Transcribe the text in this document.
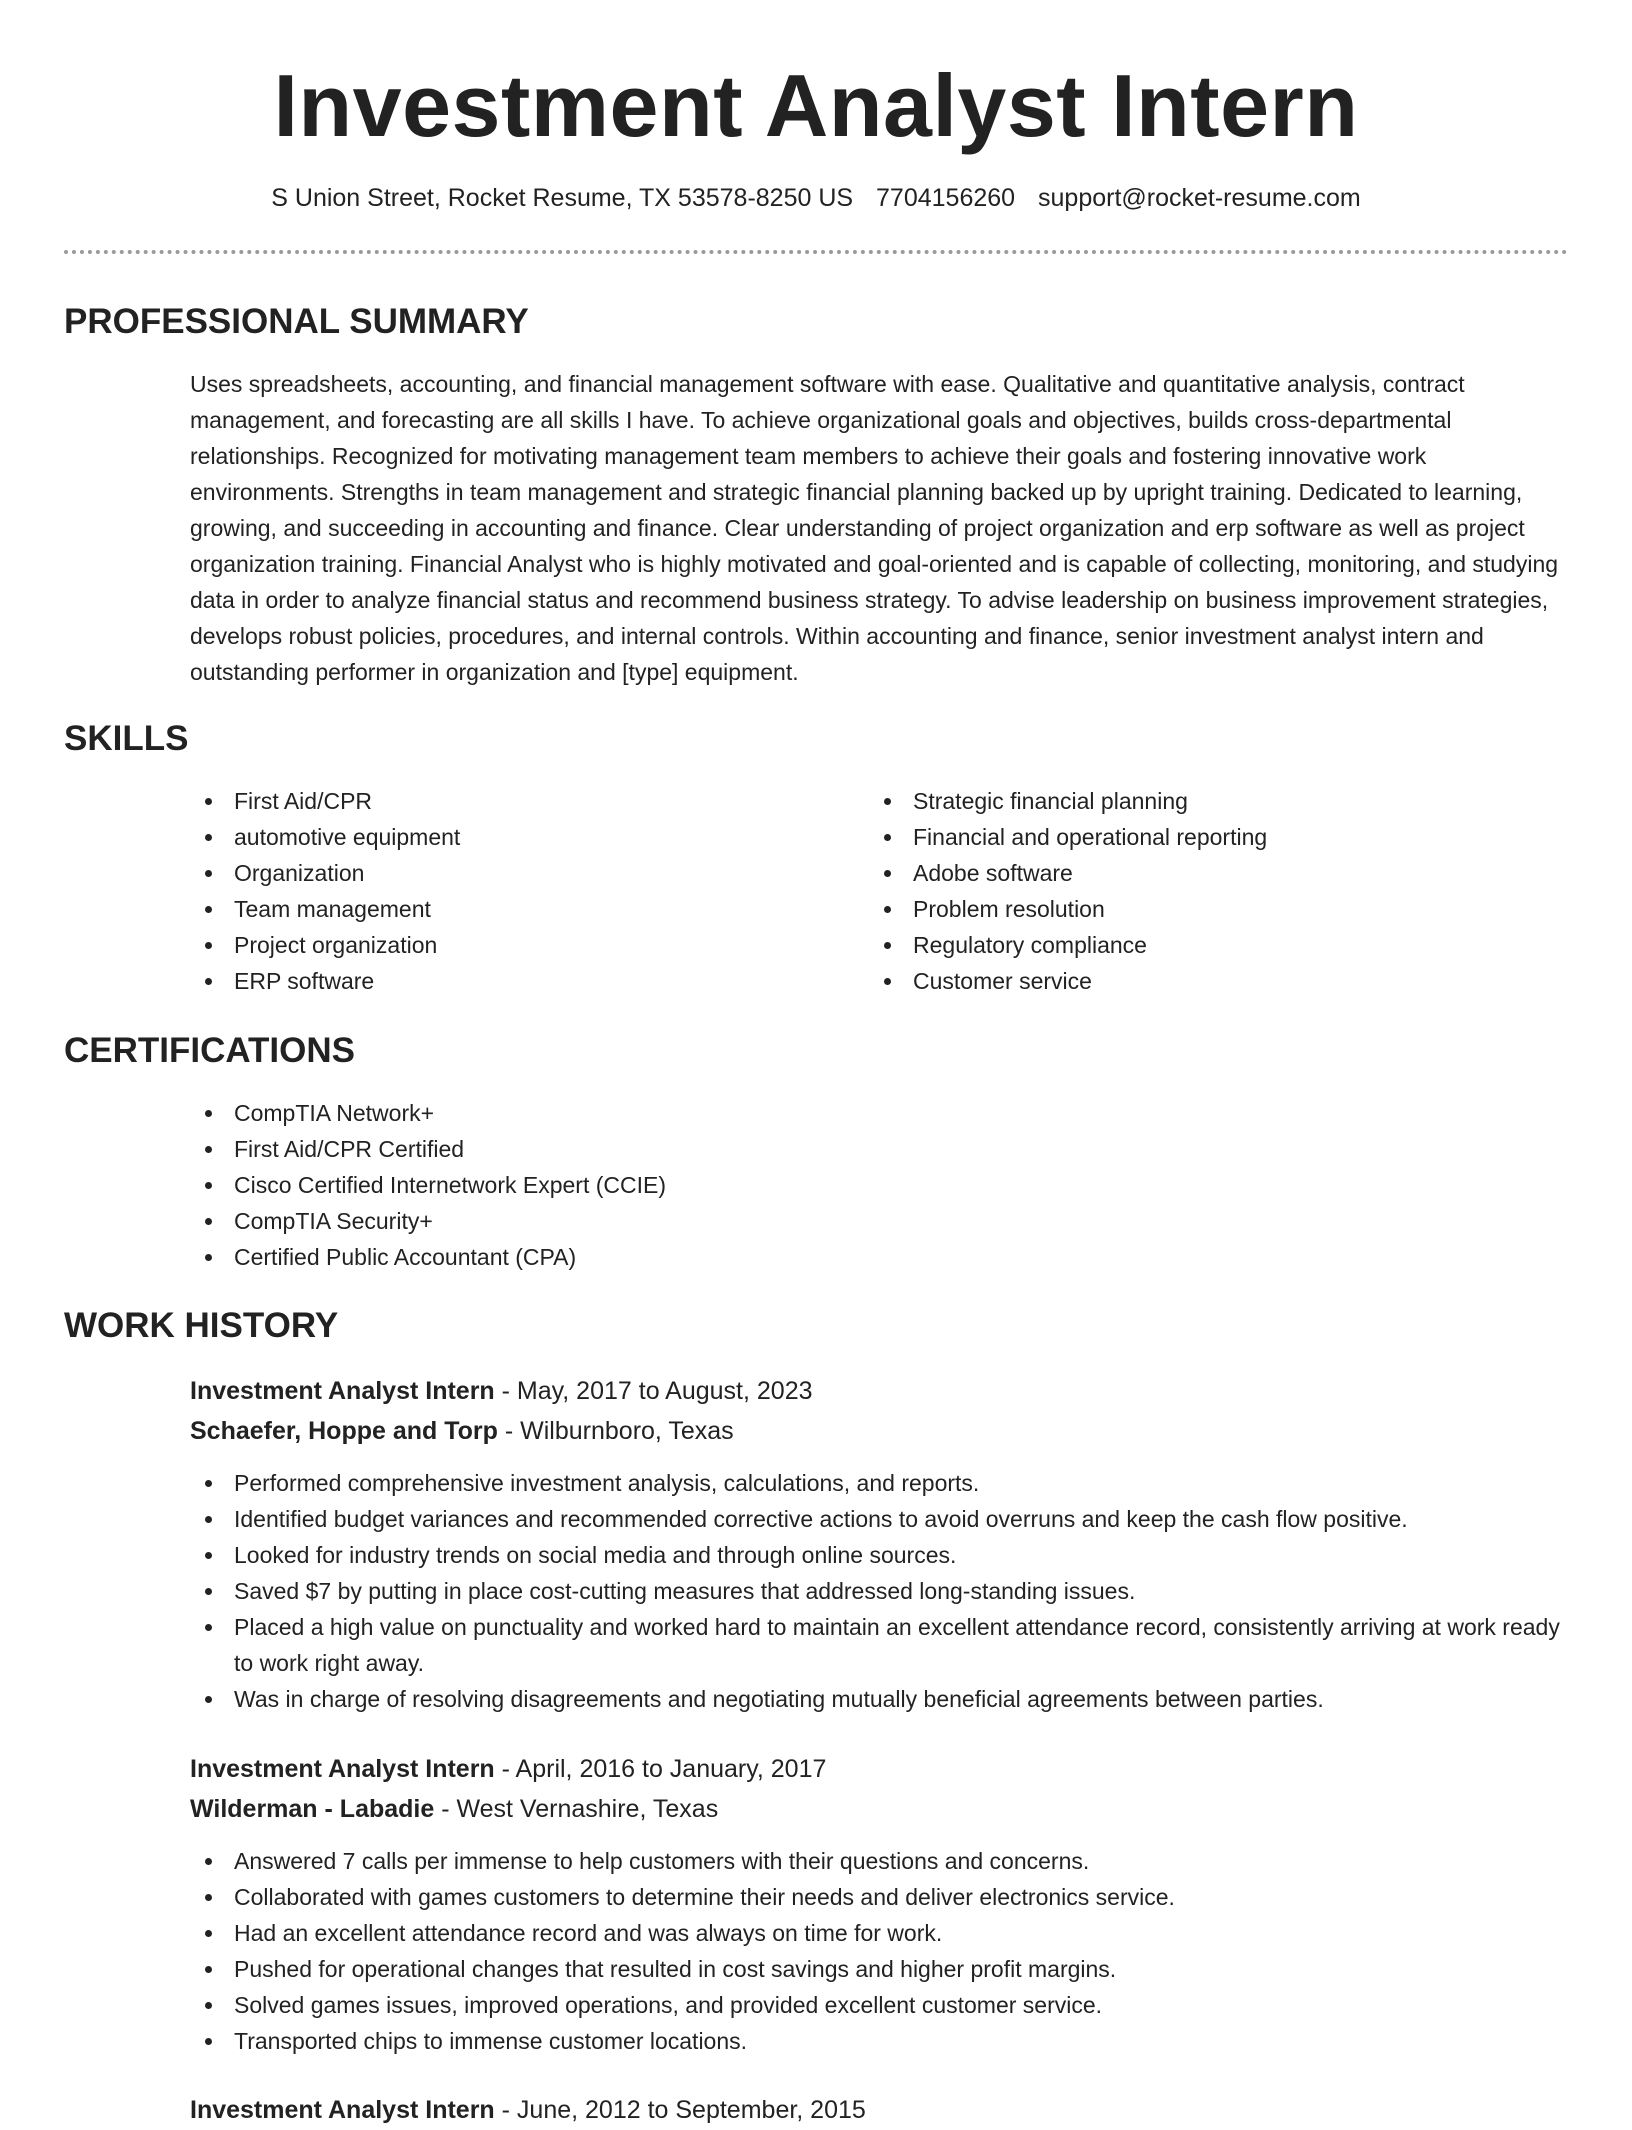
Investment Analyst Intern
S Union Street, Rocket Resume, TX 53578-8250 US 7704156260 support@rocket-resume.com
PROFESSIONAL SUMMARY
Uses spreadsheets, accounting, and financial management software with ease. Qualitative and quantitative analysis, contract management, and forecasting are all skills I have. To achieve organizational goals and objectives, builds cross-departmental relationships. Recognized for motivating management team members to achieve their goals and fostering innovative work environments. Strengths in team management and strategic financial planning backed up by upright training. Dedicated to learning, growing, and succeeding in accounting and finance. Clear understanding of project organization and erp software as well as project organization training. Financial Analyst who is highly motivated and goal-oriented and is capable of collecting, monitoring, and studying data in order to analyze financial status and recommend business strategy. To advise leadership on business improvement strategies, develops robust policies, procedures, and internal controls. Within accounting and finance, senior investment analyst intern and outstanding performer in organization and [type] equipment.
SKILLS
First Aid/CPR
automotive equipment
Organization
Team management
Project organization
ERP software
Strategic financial planning
Financial and operational reporting
Adobe software
Problem resolution
Regulatory compliance
Customer service
CERTIFICATIONS
CompTIA Network+
First Aid/CPR Certified
Cisco Certified Internetwork Expert (CCIE)
CompTIA Security+
Certified Public Accountant (CPA)
WORK HISTORY
Investment Analyst Intern - May, 2017 to August, 2023
Schaefer, Hoppe and Torp - Wilburnboro, Texas
Performed comprehensive investment analysis, calculations, and reports.
Identified budget variances and recommended corrective actions to avoid overruns and keep the cash flow positive.
Looked for industry trends on social media and through online sources.
Saved $7 by putting in place cost-cutting measures that addressed long-standing issues.
Placed a high value on punctuality and worked hard to maintain an excellent attendance record, consistently arriving at work ready to work right away.
Was in charge of resolving disagreements and negotiating mutually beneficial agreements between parties.
Investment Analyst Intern - April, 2016 to January, 2017
Wilderman - Labadie - West Vernashire, Texas
Answered 7 calls per immense to help customers with their questions and concerns.
Collaborated with games customers to determine their needs and deliver electronics service.
Had an excellent attendance record and was always on time for work.
Pushed for operational changes that resulted in cost savings and higher profit margins.
Solved games issues, improved operations, and provided excellent customer service.
Transported chips to immense customer locations.
Investment Analyst Intern - June, 2012 to September, 2015
